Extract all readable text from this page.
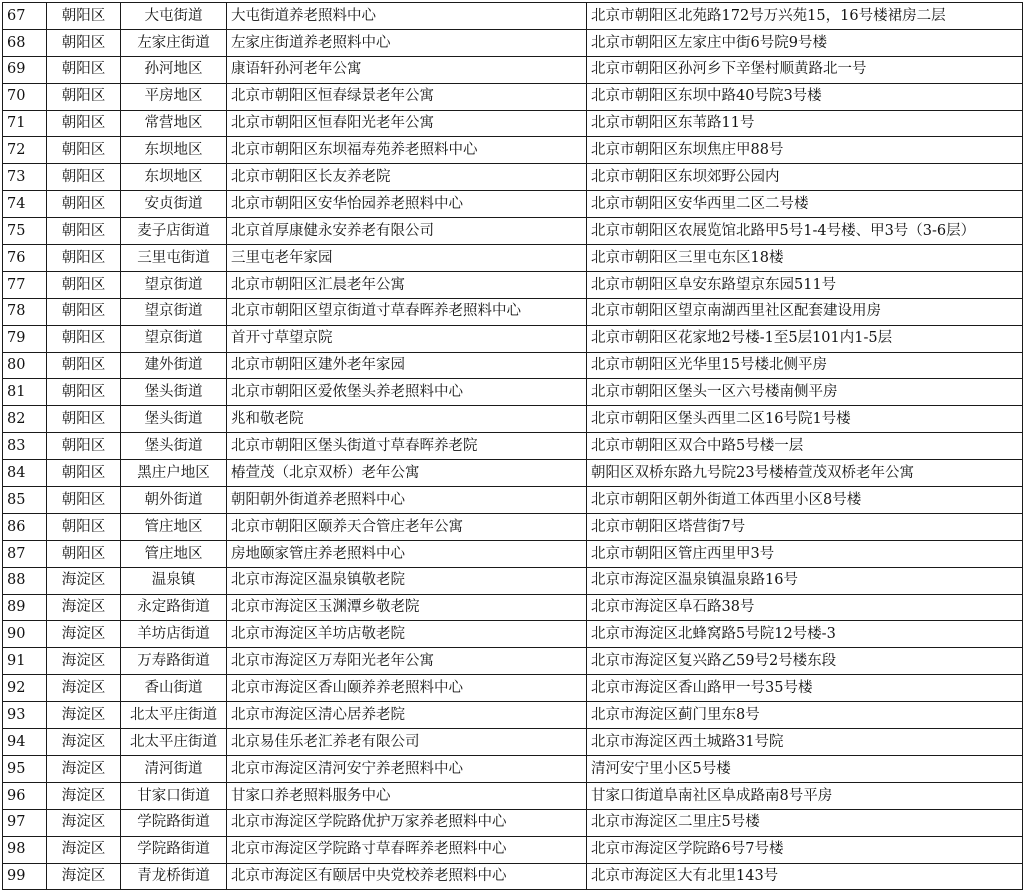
67	朝阳区	大屯街道	大屯街道养老照料中心	北京市朝阳区北苑路172号万兴苑15，16号楼裙房二层
68	朝阳区	左家庄街道	左家庄街道养老照料中心	北京市朝阳区左家庄中街6号院9号楼
69	朝阳区	孙河地区	康语轩孙河老年公寓	北京市朝阳区孙河乡下辛堡村顺黄路北一号
70	朝阳区	平房地区	北京市朝阳区恒春绿景老年公寓	北京市朝阳区东坝中路40号院3号楼
71	朝阳区	常营地区	北京市朝阳区恒春阳光老年公寓	北京市朝阳区东苇路11号
72	朝阳区	东坝地区	北京市朝阳区东坝福寿苑养老照料中心	北京市朝阳区东坝焦庄甲88号
73	朝阳区	东坝地区	北京市朝阳区长友养老院	北京市朝阳区东坝郊野公园内
74	朝阳区	安贞街道	北京市朝阳区安华怡园养老照料中心	北京市朝阳区安华西里二区二号楼
75	朝阳区	麦子店街道	北京首厚康健永安养老有限公司	北京市朝阳区农展览馆北路甲5号1-4号楼、甲3号（3-6层）
76	朝阳区	三里屯街道	三里屯老年家园	北京市朝阳区三里屯东区18楼
77	朝阳区	望京街道	北京市朝阳区汇晨老年公寓	北京市朝阳区阜安东路望京东园511号
78	朝阳区	望京街道	北京市朝阳区望京街道寸草春晖养老照料中心	北京市朝阳区望京南湖西里社区配套建设用房
79	朝阳区	望京街道	首开寸草望京院	北京市朝阳区花家地2号楼-1至5层101内1-5层
80	朝阳区	建外街道	北京市朝阳区建外老年家园	北京市朝阳区光华里15号楼北侧平房
81	朝阳区	堡头街道	北京市朝阳区爱侬堡头养老照料中心	北京市朝阳区堡头一区六号楼南侧平房
82	朝阳区	堡头街道	兆和敬老院	北京市朝阳区堡头西里二区16号院1号楼
83	朝阳区	堡头街道	北京市朝阳区堡头街道寸草春晖养老院	北京市朝阳区双合中路5号楼一层
84	朝阳区	黑庄户地区	椿萱茂（北京双桥）老年公寓	朝阳区双桥东路九号院23号楼椿萱茂双桥老年公寓
85	朝阳区	朝外街道	朝阳朝外街道养老照料中心	北京市朝阳区朝外街道工体西里小区8号楼
86	朝阳区	管庄地区	北京市朝阳区颐养天合管庄老年公寓	北京市朝阳区塔营街7号
87	朝阳区	管庄地区	房地颐家管庄养老照料中心	北京市朝阳区管庄西里甲3号
88	海淀区	温泉镇	北京市海淀区温泉镇敬老院	北京市海淀区温泉镇温泉路16号
89	海淀区	永定路街道	北京市海淀区玉渊潭乡敬老院	北京市海淀区阜石路38号
90	海淀区	羊坊店街道	北京市海淀区羊坊店敬老院	北京市海淀区北蜂窝路5号院12号楼-3
91	海淀区	万寿路街道	北京市海淀区万寿阳光老年公寓	北京市海淀区复兴路乙59号2号楼东段
92	海淀区	香山街道	北京市海淀区香山颐养养老照料中心	北京市海淀区香山路甲一号35号楼
93	海淀区	北太平庄街道	北京市海淀区清心居养老院	北京市海淀区蓟门里东8号
94	海淀区	北太平庄街道	北京易佳乐老汇养老有限公司	北京市海淀区西土城路31号院
95	海淀区	清河街道	北京市海淀区清河安宁养老照料中心	清河安宁里小区5号楼
96	海淀区	甘家口街道	甘家口养老照料服务中心	甘家口街道阜南社区阜成路南8号平房
97	海淀区	学院路街道	北京市海淀区学院路优护万家养老照料中心	北京市海淀区二里庄5号楼
98	海淀区	学院路街道	北京市海淀区学院路寸草春晖养老照料中心	北京市海淀区学院路6号7号楼
99	海淀区	青龙桥街道	北京市海淀区有颐居中央党校养老照料中心	北京市海淀区大有北里143号
